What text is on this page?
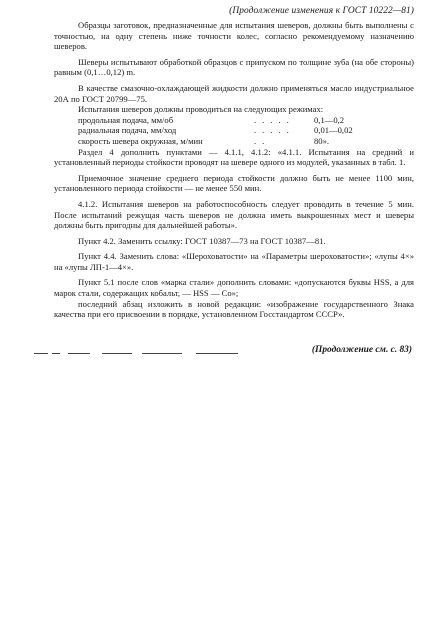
(Продолжение изменения к ГОСТ 10222—81)

Образцы заготовок, предназначенные для испытания шеверов, должны быть выполнены с точностью, на одну степень ниже точности колес, согласно рекомендуемому назначению шеверов.

Шеверы испытывают обработкой образцов с припуском по толщине зуба (на обе стороны) равным (0,1…0,12) m.

В качестве смазочно-охлаждающей жидкости должно применяться масло индустриальное 20А по ГОСТ 20799—75.

Испытания шеверов должны проводиться на следующих режимах:

продольная подача, мм/об	.....	0,1—0,2
радиальная подача, мм/ход	.....	0,01—0,02
скорость шевера окружная, м/мин	..	80».

Раздел 4 дополнить пунктами — 4.1.1, 4.1.2: «4.1.1. Испытания на средний и установленный периоды стойкости проводят на шевере одного из модулей, указанных в табл. 1.

Приемочное значение среднего периода стойкости должно быть не менее 1100 мин, установленного периода стойкости — не менее 550 мин.

4.1.2. Испытания шеверов на работоспособность следует проводить в течение 5 мин. После испытаний режущая часть шеверов не должна иметь выкрошенных мест и шеверы должны быть пригодны для дальнейшей работы».

Пункт 4.2. Заменить ссылку: ГОСТ 10387—73 на ГОСТ 10387—81.

Пункт 4.4. Заменить слова: «Шероховатости» на «Параметры шероховатости»; «лупы 4×» на «лупы ЛП-1—4×».

Пункт 5.1 после слов «марка стали» дополнить словами: «допускаются буквы HSS, а для марок стали, содержащих кобальт, — HSS — Co»;

последний абзац изложить в новой редакции: «изображение государственного Знака качества при его присвоении в порядке, установленном Госстандартом СССР».

(Продолжение см. с. 83)
